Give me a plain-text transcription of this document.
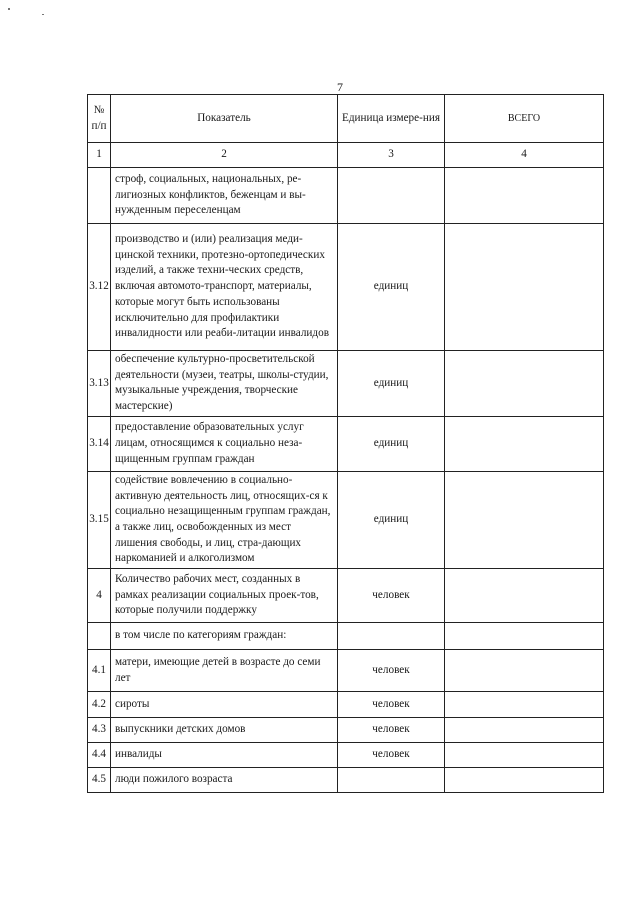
7
№ п/п	Показатель	Единица измере-ния	ВСЕГО
1	2	3	4
	строф, социальных, национальных, ре-лигиозных конфликтов, беженцам и вы-нужденным переселенцам		
3.12	производство и (или) реализация меди-цинской техники, протезно-ортопедических изделий, а также техни-ческих средств, включая автомото-транспорт, материалы, которые могут быть использованы исключительно для профилактики инвалидности или реаби-литации инвалидов	единиц	
3.13	обеспечение культурно-просветительской деятельности (музеи, театры, школы-студии, музыкальные учреждения, творческие мастерские)	единиц	
3.14	предоставление образовательных услуг лицам, относящимся к социально неза-щищенным группам граждан	единиц	
3.15	содействие вовлечению в социально-активную деятельность лиц, относящих-ся к социально незащищенным группам граждан, а также лиц, освобожденных из мест лишения свободы, и лиц, стра-дающих наркоманией и алкоголизмом	единиц	
4	Количество рабочих мест, созданных в рамках реализации социальных проек-тов, которые получили поддержку	человек	
	в том числе по категориям граждан:		
4.1	матери, имеющие детей в возрасте до семи лет	человек	
4.2	сироты	человек	
4.3	выпускники детских домов	человек	
4.4	инвалиды	человек	
4.5	люди пожилого возраста		
